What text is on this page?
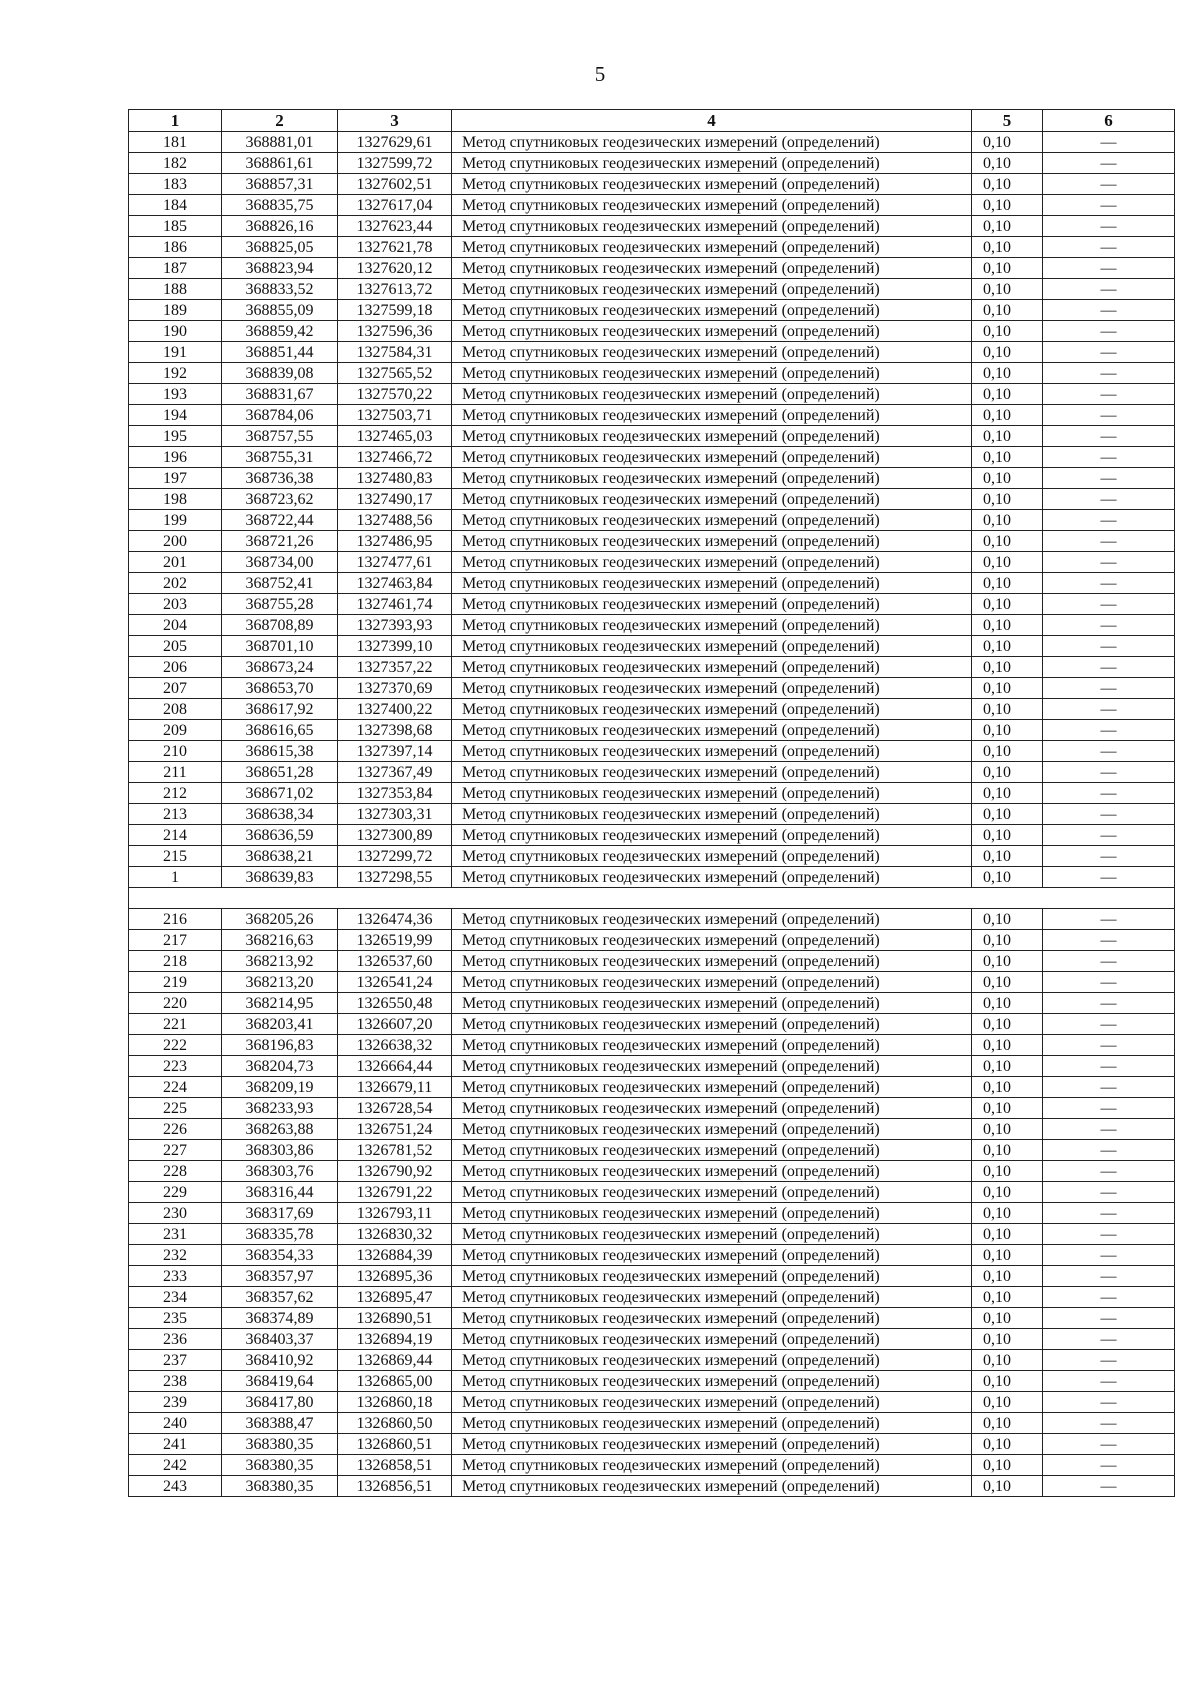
5
1	2	3	4	5	6
181	368881,01	1327629,61	Метод спутниковых геодезических измерений (определений)	0,10	—
182	368861,61	1327599,72	Метод спутниковых геодезических измерений (определений)	0,10	—
183	368857,31	1327602,51	Метод спутниковых геодезических измерений (определений)	0,10	—
184	368835,75	1327617,04	Метод спутниковых геодезических измерений (определений)	0,10	—
185	368826,16	1327623,44	Метод спутниковых геодезических измерений (определений)	0,10	—
186	368825,05	1327621,78	Метод спутниковых геодезических измерений (определений)	0,10	—
187	368823,94	1327620,12	Метод спутниковых геодезических измерений (определений)	0,10	—
188	368833,52	1327613,72	Метод спутниковых геодезических измерений (определений)	0,10	—
189	368855,09	1327599,18	Метод спутниковых геодезических измерений (определений)	0,10	—
190	368859,42	1327596,36	Метод спутниковых геодезических измерений (определений)	0,10	—
191	368851,44	1327584,31	Метод спутниковых геодезических измерений (определений)	0,10	—
192	368839,08	1327565,52	Метод спутниковых геодезических измерений (определений)	0,10	—
193	368831,67	1327570,22	Метод спутниковых геодезических измерений (определений)	0,10	—
194	368784,06	1327503,71	Метод спутниковых геодезических измерений (определений)	0,10	—
195	368757,55	1327465,03	Метод спутниковых геодезических измерений (определений)	0,10	—
196	368755,31	1327466,72	Метод спутниковых геодезических измерений (определений)	0,10	—
197	368736,38	1327480,83	Метод спутниковых геодезических измерений (определений)	0,10	—
198	368723,62	1327490,17	Метод спутниковых геодезических измерений (определений)	0,10	—
199	368722,44	1327488,56	Метод спутниковых геодезических измерений (определений)	0,10	—
200	368721,26	1327486,95	Метод спутниковых геодезических измерений (определений)	0,10	—
201	368734,00	1327477,61	Метод спутниковых геодезических измерений (определений)	0,10	—
202	368752,41	1327463,84	Метод спутниковых геодезических измерений (определений)	0,10	—
203	368755,28	1327461,74	Метод спутниковых геодезических измерений (определений)	0,10	—
204	368708,89	1327393,93	Метод спутниковых геодезических измерений (определений)	0,10	—
205	368701,10	1327399,10	Метод спутниковых геодезических измерений (определений)	0,10	—
206	368673,24	1327357,22	Метод спутниковых геодезических измерений (определений)	0,10	—
207	368653,70	1327370,69	Метод спутниковых геодезических измерений (определений)	0,10	—
208	368617,92	1327400,22	Метод спутниковых геодезических измерений (определений)	0,10	—
209	368616,65	1327398,68	Метод спутниковых геодезических измерений (определений)	0,10	—
210	368615,38	1327397,14	Метод спутниковых геодезических измерений (определений)	0,10	—
211	368651,28	1327367,49	Метод спутниковых геодезических измерений (определений)	0,10	—
212	368671,02	1327353,84	Метод спутниковых геодезических измерений (определений)	0,10	—
213	368638,34	1327303,31	Метод спутниковых геодезических измерений (определений)	0,10	—
214	368636,59	1327300,89	Метод спутниковых геодезических измерений (определений)	0,10	—
215	368638,21	1327299,72	Метод спутниковых геодезических измерений (определений)	0,10	—
1	368639,83	1327298,55	Метод спутниковых геодезических измерений (определений)	0,10	—

216	368205,26	1326474,36	Метод спутниковых геодезических измерений (определений)	0,10	—
217	368216,63	1326519,99	Метод спутниковых геодезических измерений (определений)	0,10	—
218	368213,92	1326537,60	Метод спутниковых геодезических измерений (определений)	0,10	—
219	368213,20	1326541,24	Метод спутниковых геодезических измерений (определений)	0,10	—
220	368214,95	1326550,48	Метод спутниковых геодезических измерений (определений)	0,10	—
221	368203,41	1326607,20	Метод спутниковых геодезических измерений (определений)	0,10	—
222	368196,83	1326638,32	Метод спутниковых геодезических измерений (определений)	0,10	—
223	368204,73	1326664,44	Метод спутниковых геодезических измерений (определений)	0,10	—
224	368209,19	1326679,11	Метод спутниковых геодезических измерений (определений)	0,10	—
225	368233,93	1326728,54	Метод спутниковых геодезических измерений (определений)	0,10	—
226	368263,88	1326751,24	Метод спутниковых геодезических измерений (определений)	0,10	—
227	368303,86	1326781,52	Метод спутниковых геодезических измерений (определений)	0,10	—
228	368303,76	1326790,92	Метод спутниковых геодезических измерений (определений)	0,10	—
229	368316,44	1326791,22	Метод спутниковых геодезических измерений (определений)	0,10	—
230	368317,69	1326793,11	Метод спутниковых геодезических измерений (определений)	0,10	—
231	368335,78	1326830,32	Метод спутниковых геодезических измерений (определений)	0,10	—
232	368354,33	1326884,39	Метод спутниковых геодезических измерений (определений)	0,10	—
233	368357,97	1326895,36	Метод спутниковых геодезических измерений (определений)	0,10	—
234	368357,62	1326895,47	Метод спутниковых геодезических измерений (определений)	0,10	—
235	368374,89	1326890,51	Метод спутниковых геодезических измерений (определений)	0,10	—
236	368403,37	1326894,19	Метод спутниковых геодезических измерений (определений)	0,10	—
237	368410,92	1326869,44	Метод спутниковых геодезических измерений (определений)	0,10	—
238	368419,64	1326865,00	Метод спутниковых геодезических измерений (определений)	0,10	—
239	368417,80	1326860,18	Метод спутниковых геодезических измерений (определений)	0,10	—
240	368388,47	1326860,50	Метод спутниковых геодезических измерений (определений)	0,10	—
241	368380,35	1326860,51	Метод спутниковых геодезических измерений (определений)	0,10	—
242	368380,35	1326858,51	Метод спутниковых геодезических измерений (определений)	0,10	—
243	368380,35	1326856,51	Метод спутниковых геодезических измерений (определений)	0,10	—
